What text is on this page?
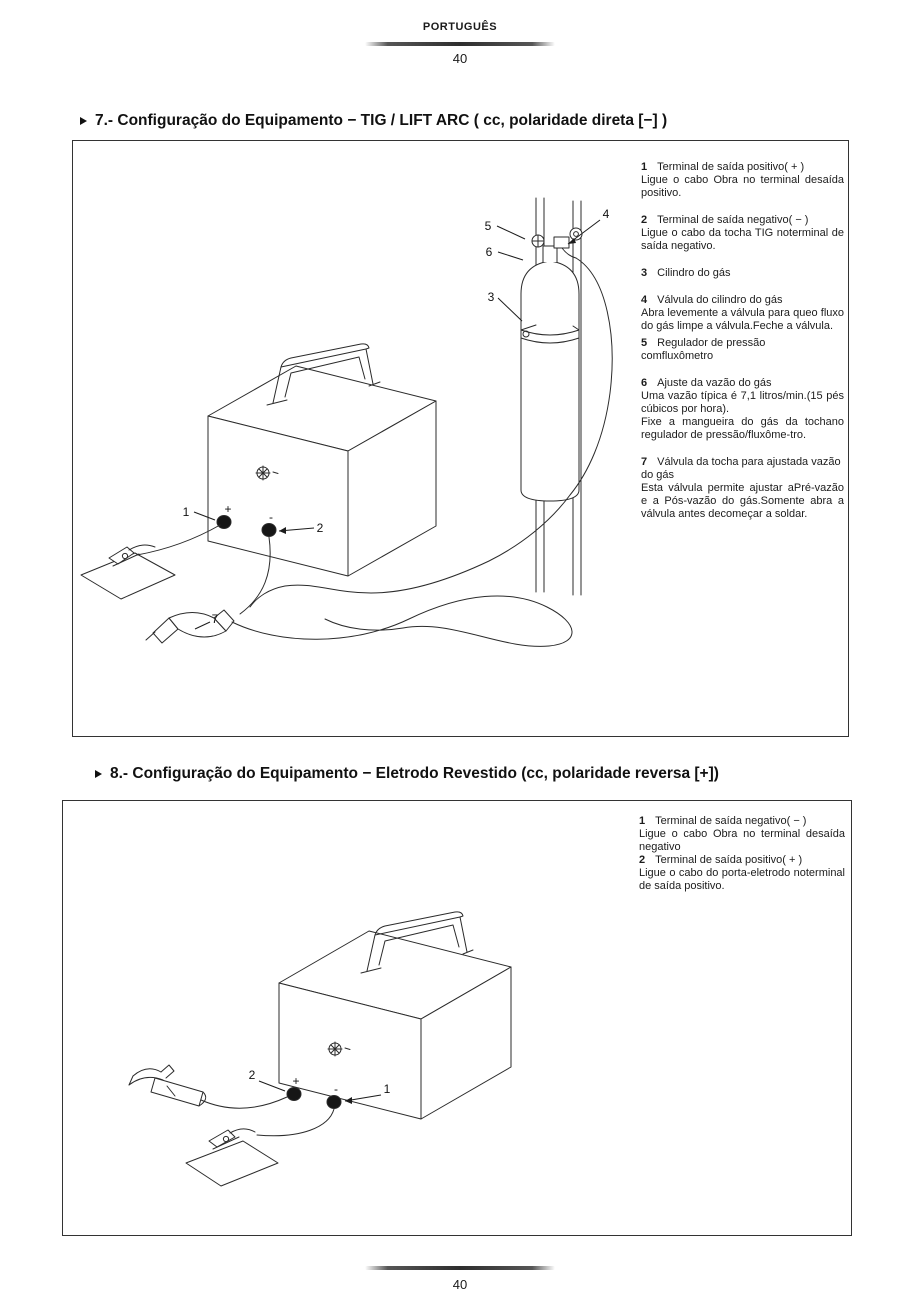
PORTUGUÊS
40
7.- Configuração do Equipamento − TIG / LIFT ARC ( cc, polaridade direta [−] )
5
4
6
3
1
2
7
+
-

1 Terminal de saída positivo( + )

Ligue o cabo Obra no terminal desaída positivo.

2 Terminal de saída negativo( − )

Ligue o cabo da tocha TIG noterminal de saída negativo.

3 Cilindro do gás

4 Válvula do cilindro do gás

Abra levemente a válvula para queo fluxo do gás limpe a válvula.Feche a válvula.

5 Regulador de pressão

comfluxômetro

6 Ajuste da vazão do gás

Uma vazão típica é 7,1 litros/min.(15 pés cúbicos por hora).

Fixe a mangueira do gás da tochano regulador de pressão/fluxôme-tro.

7 Válvula da tocha para ajustada vazão do gás

Esta válvula permite ajustar aPré-vazão e a Pós-vazão do gás.Somente abra a válvula antes decomeçar a soldar.

8.- Configuração do Equipamento − Eletrodo Revestido (cc, polaridade reversa [+])
2
1
+
-

1 Terminal de saída negativo( − )

Ligue o cabo Obra no terminal desaída negativo

2 Terminal de saída positivo( + )

Ligue o cabo do porta-eletrodo noterminal de saída positivo.

40
